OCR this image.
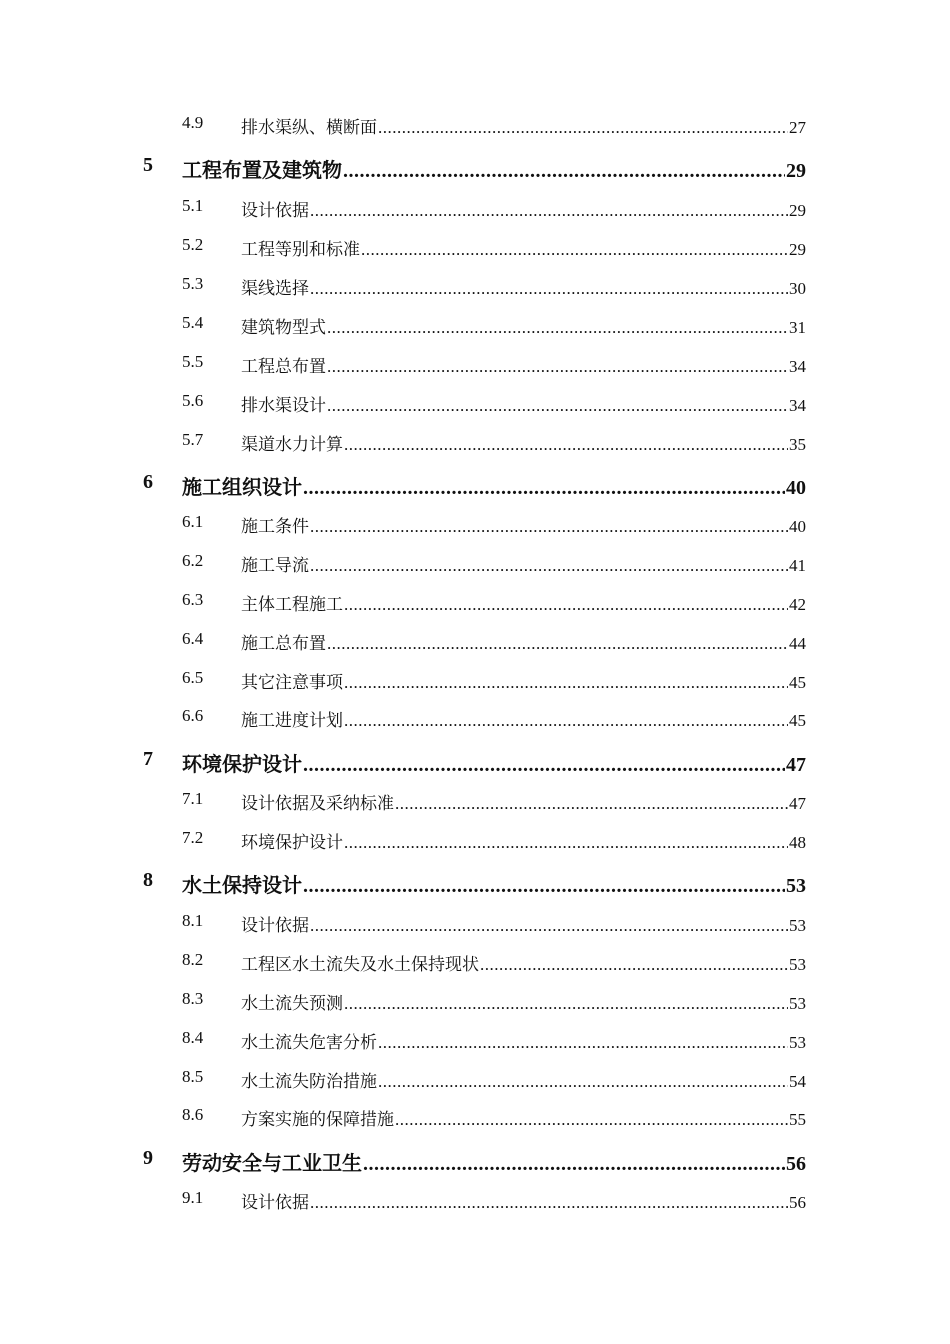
4.9 排水渠纵、横断面 .....	27
5 工程布置及建筑物 .....	29
5.1 设计依据 .....	29
5.2 工程等别和标准 .....	29
5.3 渠线选择 .....	30
5.4 建筑物型式 .....	31
5.5 工程总布置 .....	34
5.6 排水渠设计 .....	34
5.7 渠道水力计算 .....	35
6 施工组织设计 .....	40
6.1 施工条件 .....	40
6.2 施工导流 .....	41
6.3 主体工程施工 .....	42
6.4 施工总布置 .....	44
6.5 其它注意事项 .....	45
6.6 施工进度计划 .....	45
7 环境保护设计 .....	47
7.1 设计依据及采纳标准 .....	47
7.2 环境保护设计 .....	48
8 水土保持设计 .....	53
8.1 设计依据 .....	53
8.2 工程区水土流失及水土保持现状 .....	53
8.3 水土流失预测 .....	53
8.4 水土流失危害分析 .....	53
8.5 水土流失防治措施 .....	54
8.6 方案实施的保障措施 .....	55
9 劳动安全与工业卫生 .....	56
9.1 设计依据 .....	56
